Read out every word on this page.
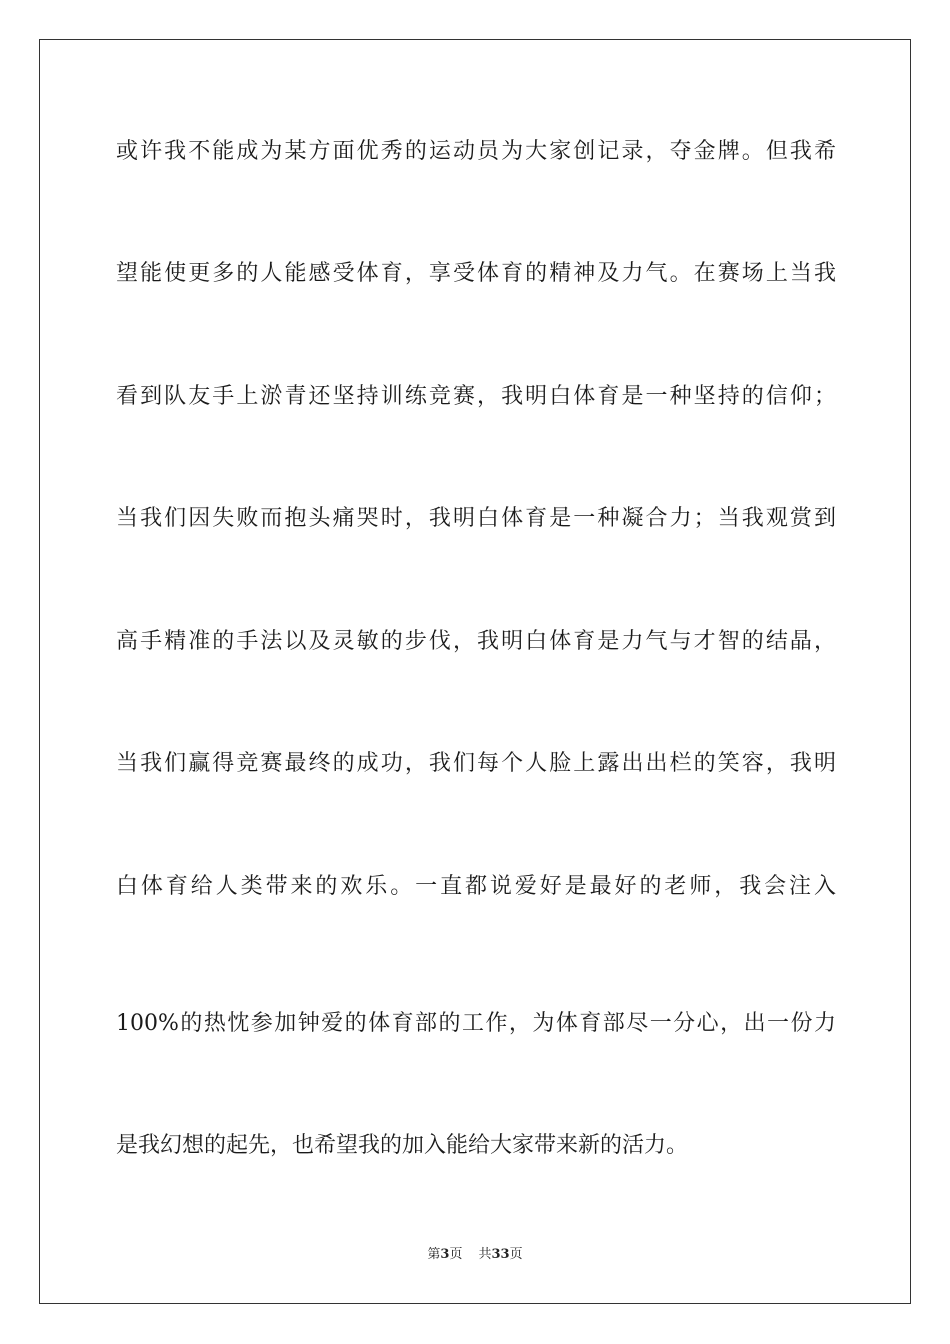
或许我不能成为某方面优秀的运动员为大家创记录，夺金牌。但我希
望能使更多的人能感受体育，享受体育的精神及力气。在赛场上当我
看到队友手上淤青还坚持训练竞赛，我明白体育是一种坚持的信仰；
当我们因失败而抱头痛哭时，我明白体育是一种凝合力；当我观赏到
高手精准的手法以及灵敏的步伐，我明白体育是力气与才智的结晶，
当我们赢得竞赛最终的成功，我们每个人脸上露出出栏的笑容，我明
白体育给人类带来的欢乐。一直都说爱好是最好的老师，我会注入
100%的热忱参加钟爱的体育部的工作，为体育部尽一分心，出一份力
是我幻想的起先，也希望我的加入能给大家带来新的活力。
第3页 共33页
